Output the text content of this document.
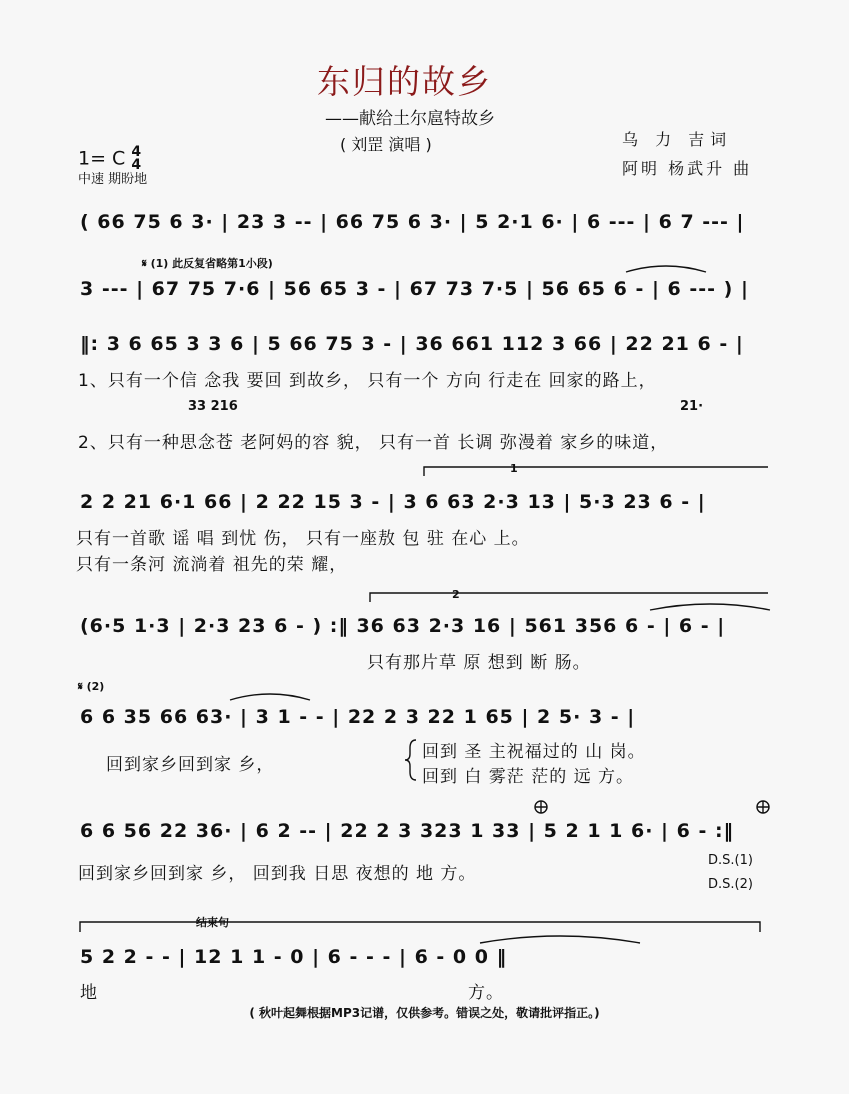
东归的故乡
——献给土尔扈特故乡
( 刘罡 演唱 )	乌 力 吉词
阿明 杨武升 曲
1= C 4
4
中速 期盼地
( 66 75 6 3· | 23 3 -- | 66 75 6 3· | 5 2·1 6· | 6 --- | 6 7 --- |
𝄋 (1) 此反复省略第1小段)
3 --- | 67 75 7·6 | 56 65 3 - | 67 73 7·5 | 56 65 6 - | 6 --- ) |
‖: 3 6 65 3 3 6 | 5 66 75 3 - | 36 661 112 3 66 | 22 21 6 - |
1、只有一个信 念我 要回 到故乡， 只有一个 方向 行走在 回家的路上，
33 216	21·
2、只有一种思念苍 老阿妈的容 貌， 只有一首 长调 弥漫着 家乡的味道，
1
2 2 21 6·1 66 | 2 22 15 3 - | 3 6 63 2·3 13 | 5·3 23 6 - |
只有一首歌 谣 唱 到忧 伤， 只有一座敖 包 驻 在心 上。
只有一条河 流淌着 祖先的荣 耀，
2
(6·5 1·3 | 2·3 23 6 - ) :‖ 36 63 2·3 16 | 561 356 6 - | 6 - |
只有那片草 原 想到 断 肠。
𝄋 (2)
6 6 35 66 63· | 3 1 - - | 22 2 3 22 1 65 | 2 5· 3 - |
回到家乡回到家 乡，
回到 圣 主祝福过的 山 岗。
回到 白 雾茫 茫的 远 方。
6 6 56 22 36· | 6 2 -- | 22 2 3 323 1 33 | 5 2 1 1 6· | 6 - :‖
回到家乡回到家 乡， 回到我 日思 夜想的 地 方。
D.S.(1)
D.S.(2)
结束句
5 2 2 - - | 12 1 1 - 0 | 6 - - - | 6 - 0 0 ‖
地	方。
( 秋叶起舞根据MP3记谱，仅供参考。错误之处，敬请批评指正。)
